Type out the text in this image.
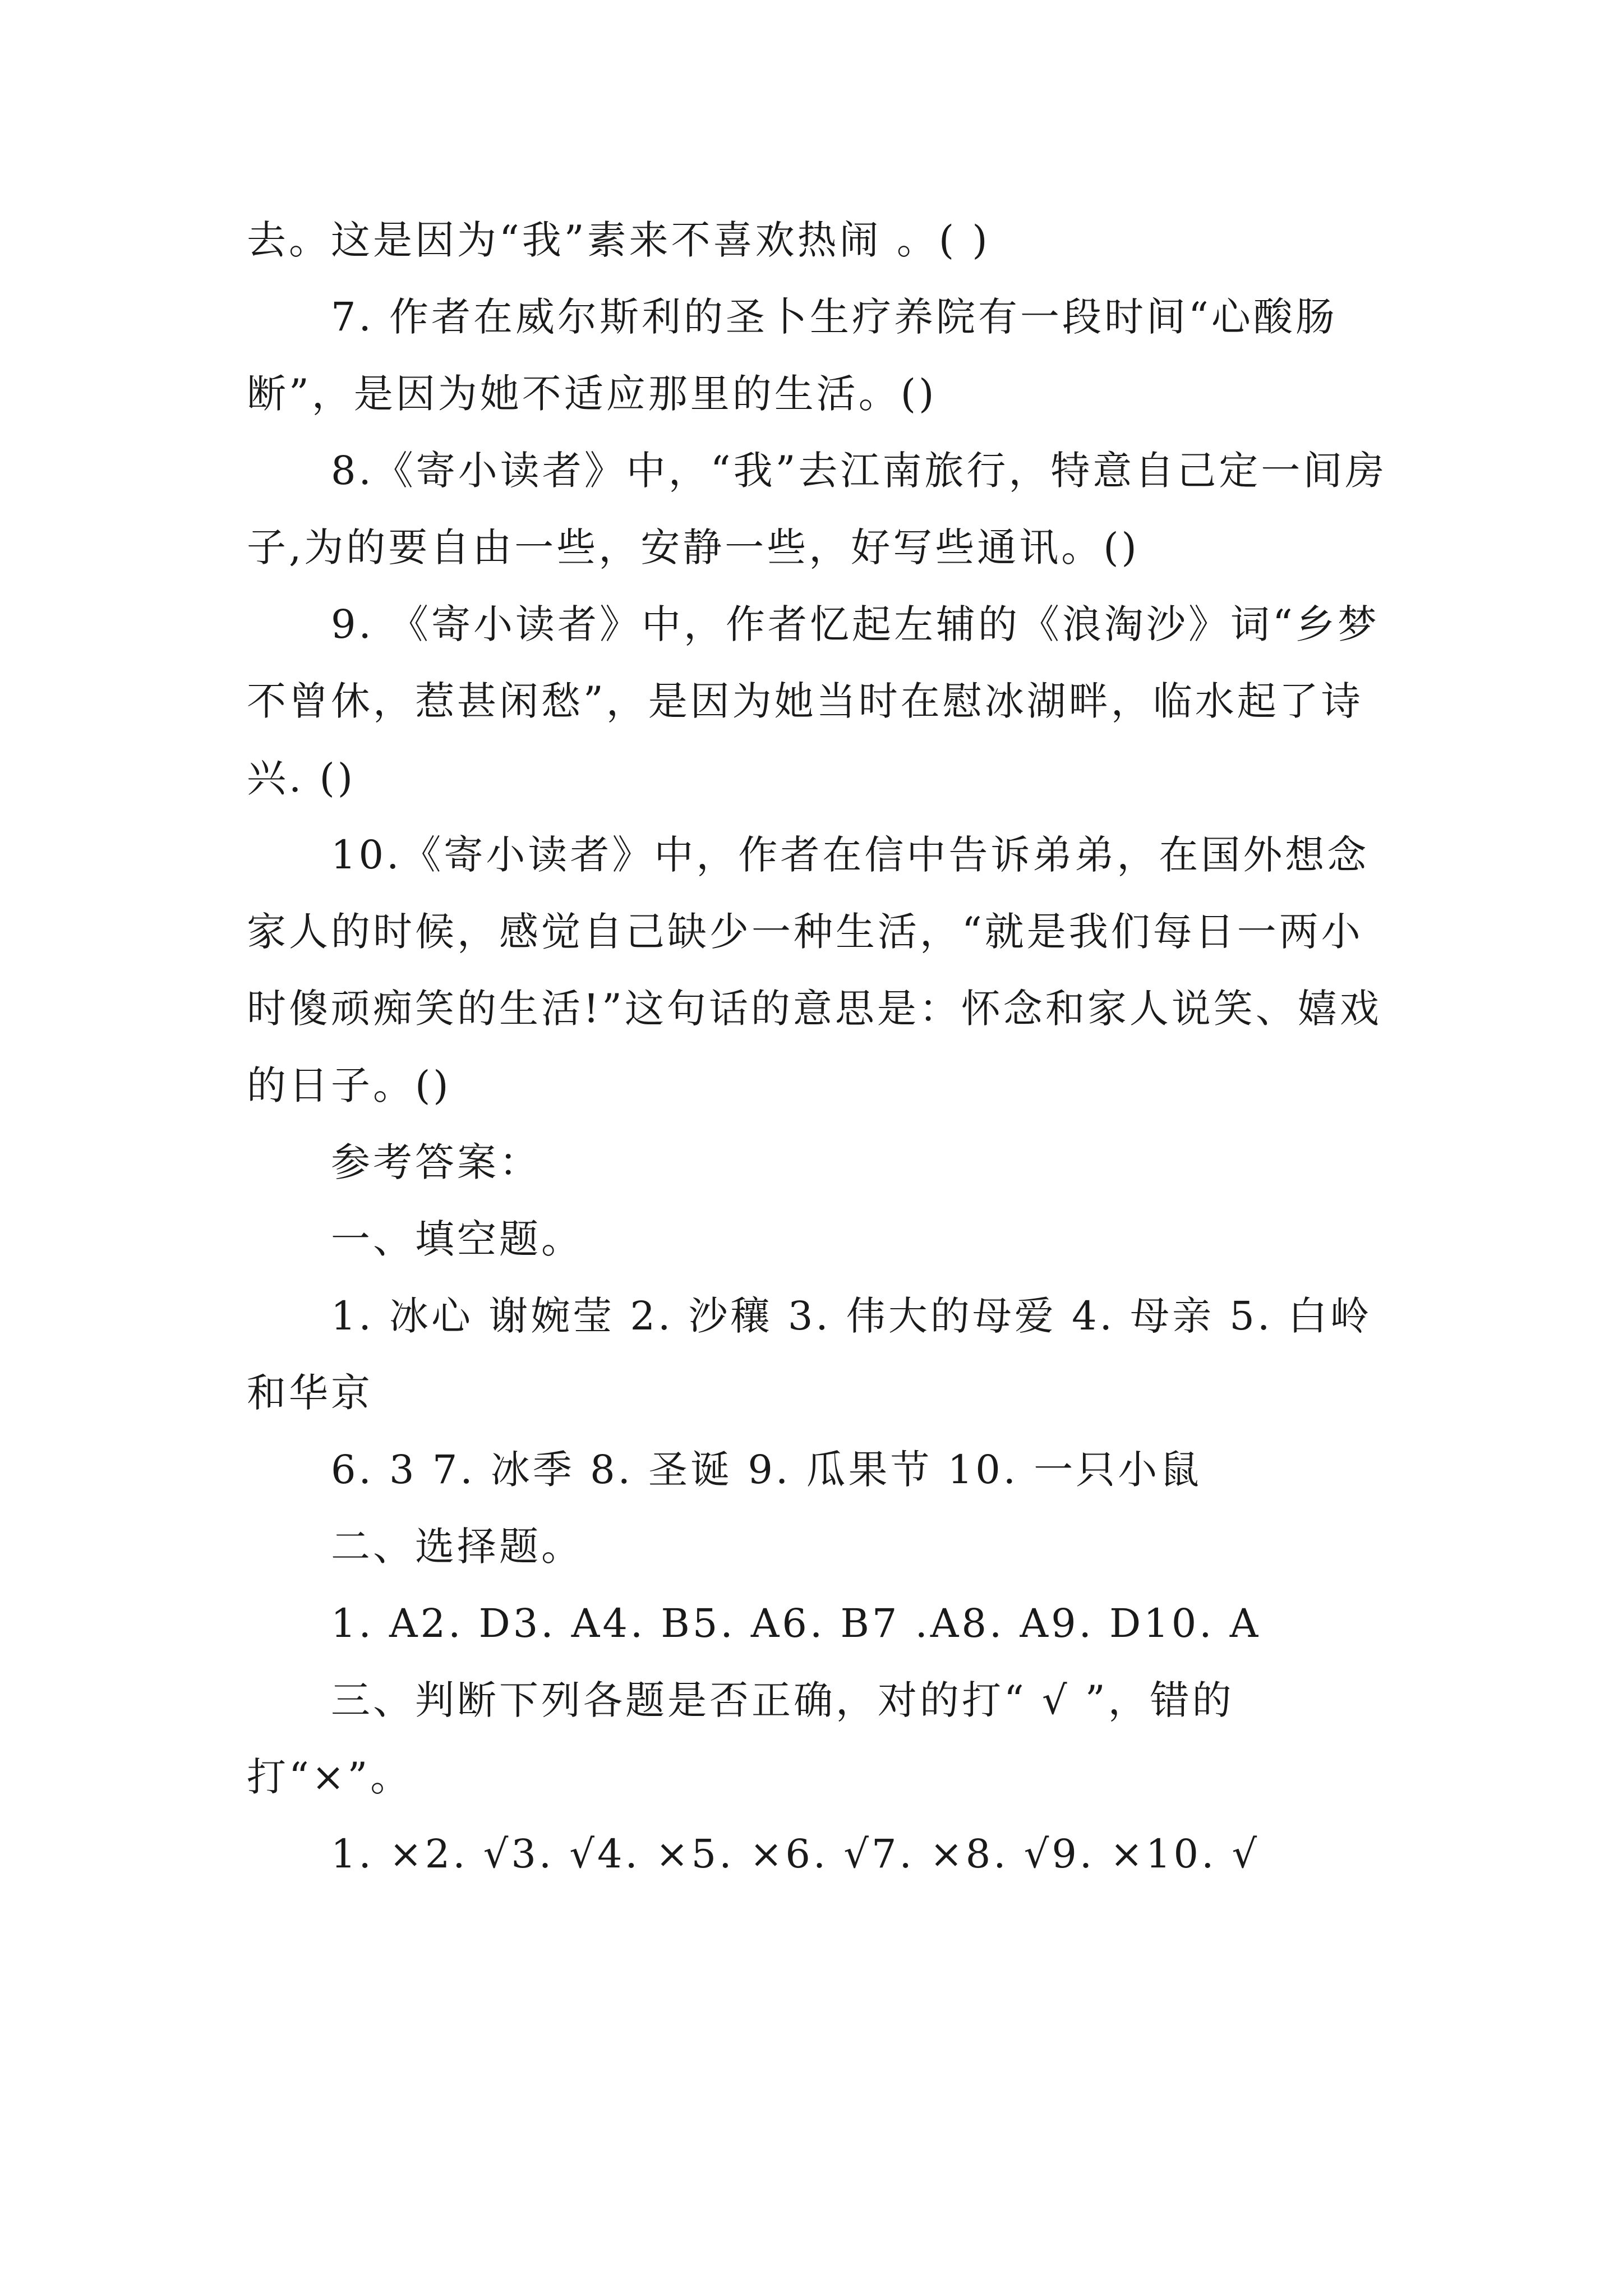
去。这是因为“我”素来不喜欢热闹 。( )

7. 作者在威尔斯利的圣卜生疗养院有一段时间“心酸肠断”，是因为她不适应那里的生活。()

8.《寄小读者》中，“我”去江南旅行，特意自己定一间房子,为的要自由一些，安静一些，好写些通讯。()

9. 《寄小读者》中，作者忆起左辅的《浪淘沙》词“乡梦不曾休，惹甚闲愁”，是因为她当时在慰冰湖畔，临水起了诗兴. ()

10.《寄小读者》中，作者在信中告诉弟弟，在国外想念家人的时候，感觉自己缺少一种生活，“就是我们每日一两小时傻顽痴笑的生活!”这句话的意思是：怀念和家人说笑、嬉戏的日子。()

参考答案：

一、填空题。

1. 冰心 谢婉莹 2. 沙穰 3. 伟大的母爱 4. 母亲 5. 白岭和华京

6. 3 7. 冰季 8. 圣诞 9. 瓜果节 10. 一只小鼠

二、选择题。

1. A2. D3. A4. B5. A6. B7 .A8. A9. D10. A

三、判断下列各题是否正确，对的打“ √ ”，错的打“×”。

1. ×2. √3. √4. ×5. ×6. √7. ×8. √9. ×10. √
